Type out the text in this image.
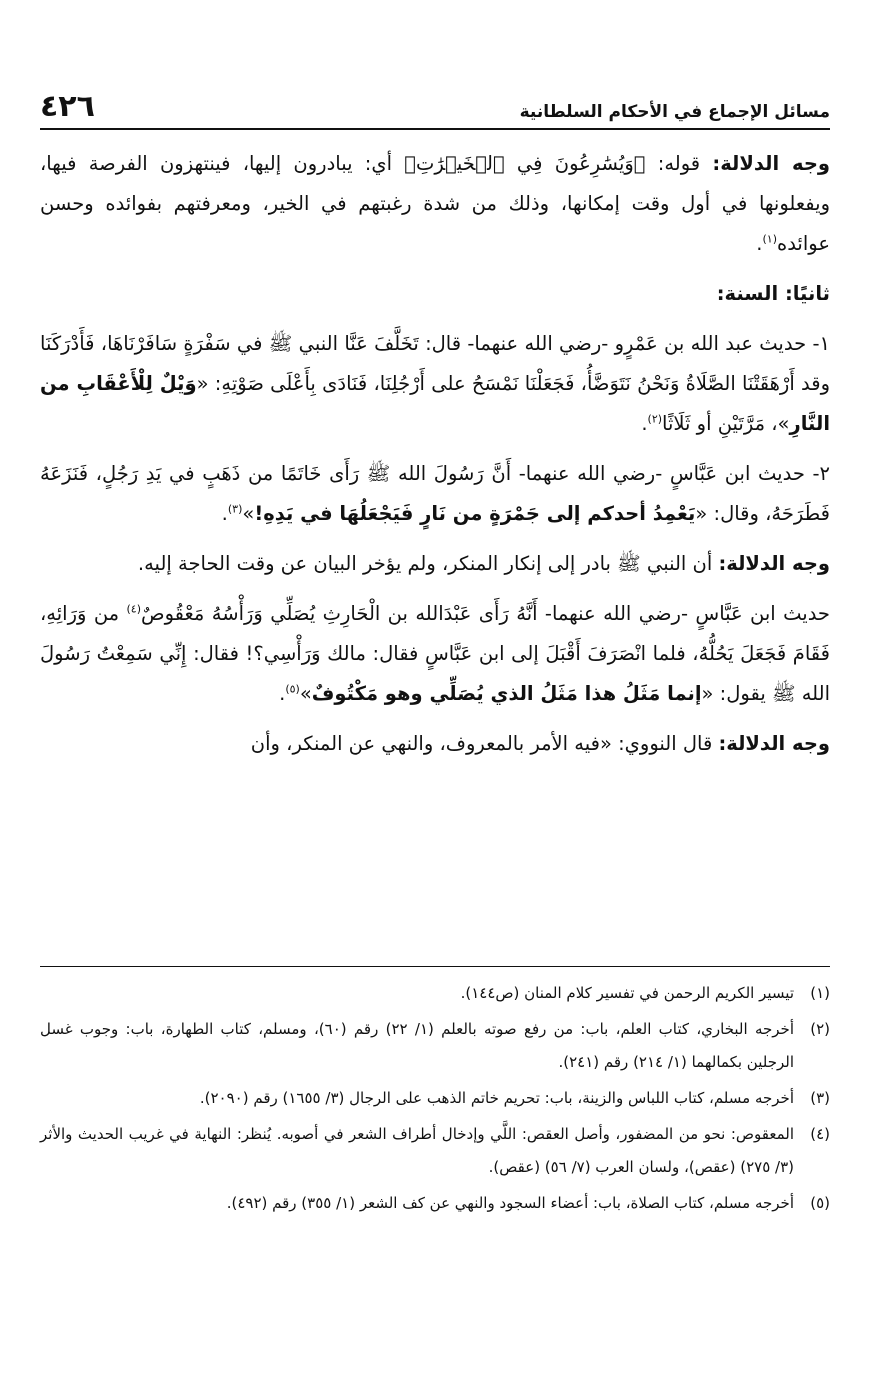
مسائل الإجماع في الأحكام السلطانية
٤٢٦

وجه الدلالة: قوله: ﴿وَيُسَٰرِعُونَ فِي ٱلۡخَيۡرَٰتِ﴾ أي: يبادرون إليها، فينتهزون الفرصة فيها، ويفعلونها في أول وقت إمكانها، وذلك من شدة رغبتهم في الخير، ومعرفتهم بفوائده وحسن عوائده$^{(١)}$.

ثانيًا: السنة:

١- حديث عبد الله بن عَمْرٍو -رضي الله عنهما- قال: تَخَلَّفَ عَنَّا النبي ﷺ في سَفْرَةٍ سَافَرْنَاهَا، فَأَدْرَكَنَا وقد أَرْهَقَتْنَا الصَّلَاةُ وَنَحْنُ نَتَوَضَّأُ، فَجَعَلْنَا نَمْسَحُ على أَرْجُلِنَا، فَنَادَى بِأَعْلَى صَوْتِهِ: «وَيْلٌ لِلْأَعْقَابِ من النَّارِ»، مَرَّتَيْنِ أو ثَلَاثًا$^{(٢)}$.

٢- حديث ابن عَبَّاسٍ -رضي الله عنهما- أَنَّ رَسُولَ الله ﷺ رَأَى خَاتَمًا من ذَهَبٍ في يَدِ رَجُلٍ، فَنَزَعَهُ فَطَرَحَهُ، وقال: «يَعْمِدُ أحدكم إلى جَمْرَةٍ من نَارٍ فَيَجْعَلُهَا في يَدِهِ!»$^{(٣)}$.

وجه الدلالة: أن النبي ﷺ بادر إلى إنكار المنكر، ولم يؤخر البيان عن وقت الحاجة إليه.

حديث ابن عَبَّاسٍ -رضي الله عنهما- أَنَّهُ رَأَى عَبْدَالله بن الْحَارِثِ يُصَلِّي وَرَأْسُهُ مَعْقُوصٌ$^{(٤)}$ من وَرَائِهِ، فَقَامَ فَجَعَلَ يَحُلُّهُ، فلما انْصَرَفَ أَقْبَلَ إلى ابن عَبَّاسٍ فقال: مالك وَرَأْسِي؟! فقال: إِنِّي سَمِعْتُ رَسُولَ الله ﷺ يقول: «إنما مَثَلُ هذا مَثَلُ الذي يُصَلِّي وهو مَكْتُوفٌ»$^{(٥)}$.

وجه الدلالة: قال النووي: «فيه الأمر بالمعروف، والنهي عن المنكر، وأن

(١)
تيسير الكريم الرحمن في تفسير كلام المنان (ص١٤٤).
(٢)
أخرجه البخاري، كتاب العلم، باب: من رفع صوته بالعلم (١/ ٢٢) رقم (٦٠)، ومسلم، كتاب الطهارة، باب: وجوب غسل الرجلين بكمالهما (١/ ٢١٤) رقم (٢٤١).
(٣)
أخرجه مسلم، كتاب اللباس والزينة، باب: تحريم خاتم الذهب على الرجال (٣/ ١٦٥٥) رقم (٢٠٩٠).
(٤)
المعقوص: نحو من المضفور، وأصل العقص: اللَّي وإدخال أطراف الشعر في أصوبه. يُنظر: النهاية في غريب الحديث والأثر (٣/ ٢٧٥) (عقص)، ولسان العرب (٧/ ٥٦) (عقص).
(٥)
أخرجه مسلم، كتاب الصلاة، باب: أعضاء السجود والنهي عن كف الشعر (١/ ٣٥٥) رقم (٤٩٢).
